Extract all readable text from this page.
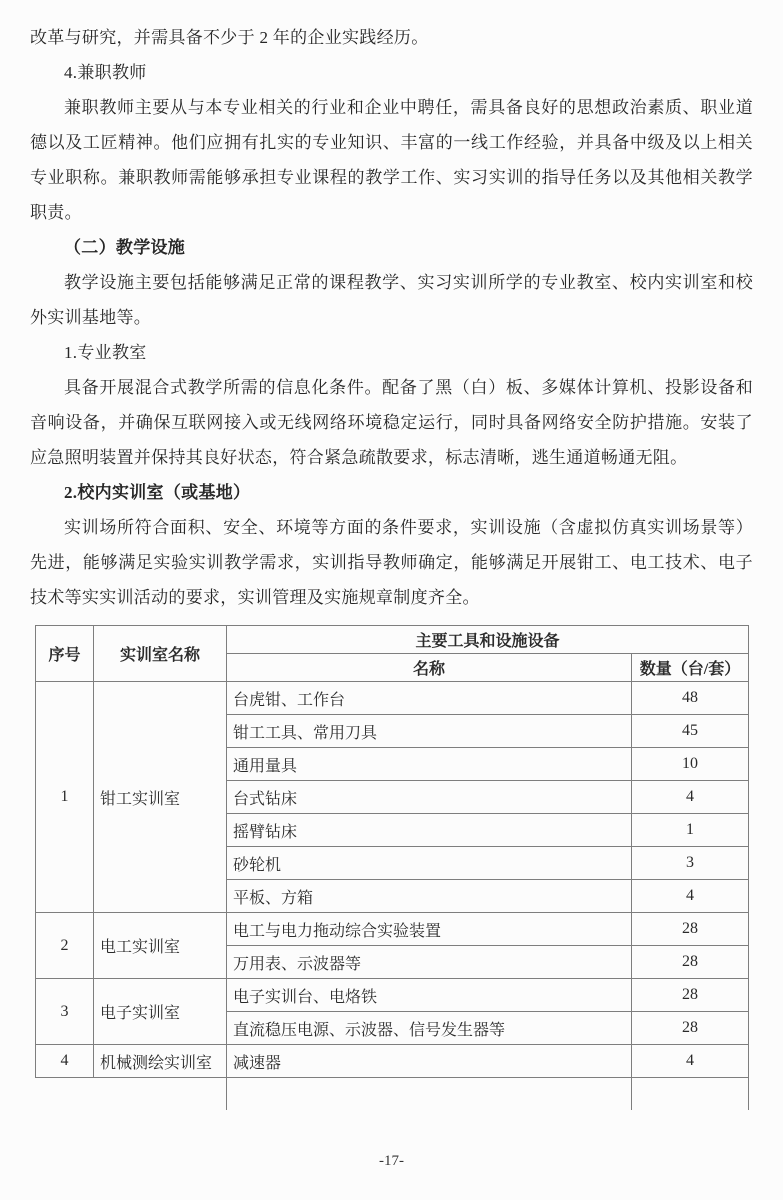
改革与研究，并需具备不少于 2 年的企业实践经历。

4.兼职教师

兼职教师主要从与本专业相关的行业和企业中聘任，需具备良好的思想政治素质、职业道德以及工匠精神。他们应拥有扎实的专业知识、丰富的一线工作经验，并具备中级及以上相关专业职称。兼职教师需能够承担专业课程的教学工作、实习实训的指导任务以及其他相关教学职责。

（二）教学设施

教学设施主要包括能够满足正常的课程教学、实习实训所学的专业教室、校内实训室和校外实训基地等。

1.专业教室

具备开展混合式教学所需的信息化条件。配备了黑（白）板、多媒体计算机、投影设备和音响设备，并确保互联网接入或无线网络环境稳定运行，同时具备网络安全防护措施。安装了应急照明装置并保持其良好状态，符合紧急疏散要求，标志清晰，逃生通道畅通无阻。

2.校内实训室（或基地）

实训场所符合面积、安全、环境等方面的条件要求，实训设施（含虚拟仿真实训场景等）先进，能够满足实验实训教学需求，实训指导教师确定，能够满足开展钳工、电工技术、电子技术等实实训活动的要求，实训管理及实施规章制度齐全。

序号	实训室名称	主要工具和设施设备	
		名称	数量（台/套）
1	钳工实训室	台虎钳、工作台	48
		钳工工具、常用刀具	45
		通用量具	10
		台式钻床	4
		摇臂钻床	1
		砂轮机	3
		平板、方箱	4
2	电工实训室	电工与电力拖动综合实验装置	28
		万用表、示波器等	28
3	电子实训室	电子实训台、电烙铁	28
		直流稳压电源、示波器、信号发生器等	28
4	机械测绘实训室	减速器	4

-17-
